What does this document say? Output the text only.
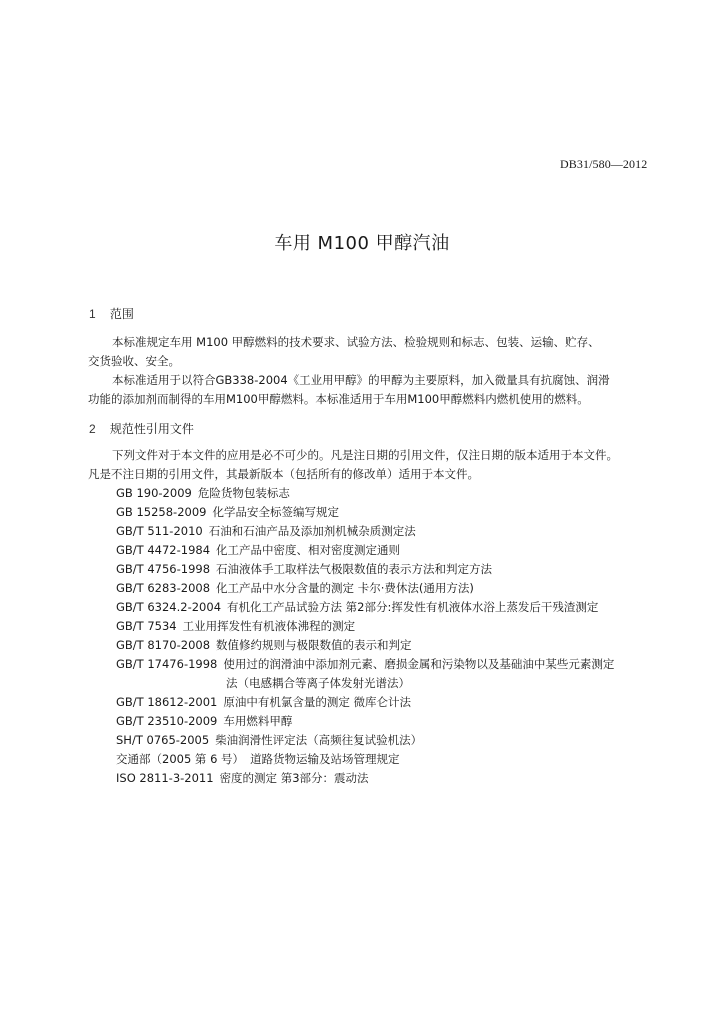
DB31/580—2012
车用 M100 甲醇汽油
1 范围
本标准规定车用 M100 甲醇燃料的技术要求、试验方法、检验规则和标志、包装、运输、贮存、
交货验收、安全。
本标准适用于以符合GB338-2004《工业用甲醇》的甲醇为主要原料，加入微量具有抗腐蚀、润滑
功能的添加剂而制得的车用M100甲醇燃料。本标准适用于车用M100甲醇燃料内燃机使用的燃料。
2 规范性引用文件
下列文件对于本文件的应用是必不可少的。凡是注日期的引用文件，仅注日期的版本适用于本文件。
凡是不注日期的引用文件，其最新版本（包括所有的修改单）适用于本文件。
GB 190-2009 危险货物包装标志
GB 15258-2009 化学品安全标签编写规定
GB/T 511-2010 石油和石油产品及添加剂机械杂质测定法
GB/T 4472-1984 化工产品中密度、相对密度测定通则
GB/T 4756-1998 石油液体手工取样法气极限数值的表示方法和判定方法
GB/T 6283-2008 化工产品中水分含量的测定 卡尔·费休法(通用方法)
GB/T 6324.2-2004 有机化工产品试验方法 第2部分:挥发性有机液体水浴上蒸发后干残渣测定
GB/T 7534 工业用挥发性有机液体沸程的测定
GB/T 8170-2008 数值修约规则与极限数值的表示和判定
GB/T 17476-1998 使用过的润滑油中添加剂元素、磨损金属和污染物以及基础油中某些元素测定
法（电感耦合等离子体发射光谱法）
GB/T 18612-2001 原油中有机氯含量的测定 微库仑计法
GB/T 23510-2009 车用燃料甲醇
SH/T 0765-2005 柴油润滑性评定法（高频往复试验机法）
交通部（2005 第 6 号） 道路货物运输及站场管理规定
ISO 2811-3-2011 密度的测定 第3部分：震动法
